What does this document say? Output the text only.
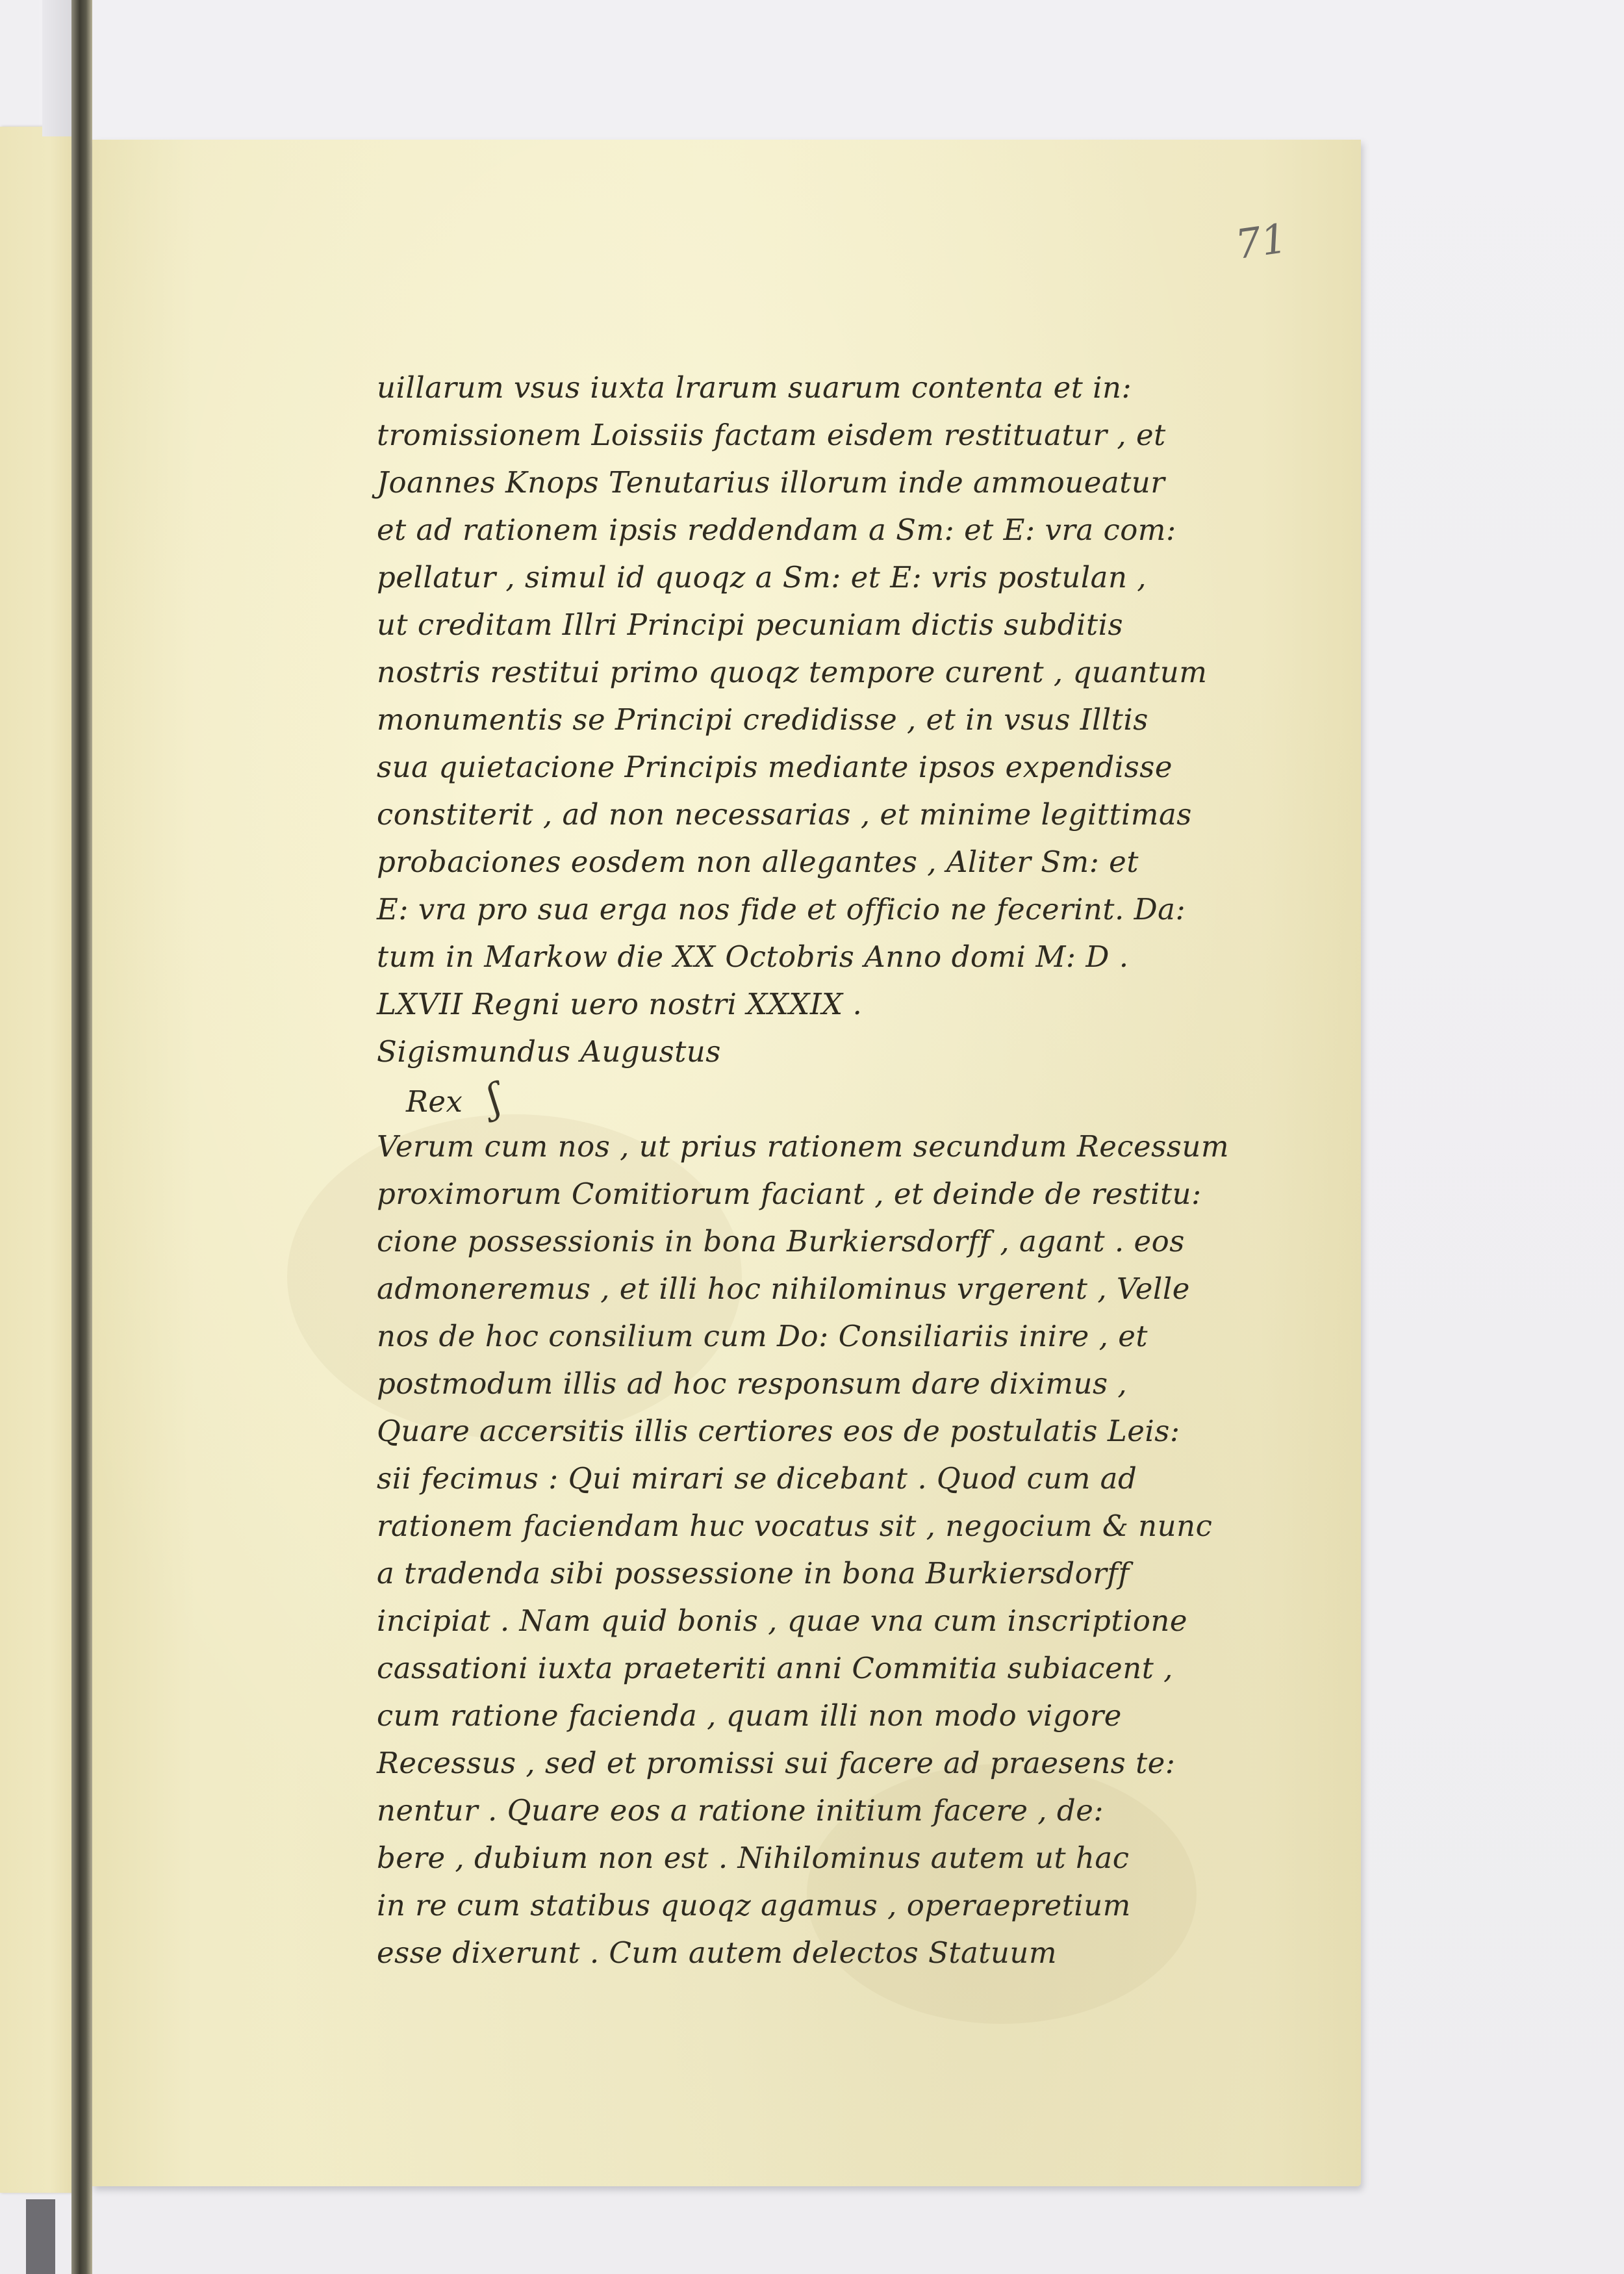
71
uillarum vsus iuxta lrarum suarum contenta et in:
tromissionem Loissiis factam eisdem restituatur , et
Joannes Knops Tenutarius illorum inde ammoueatur
et ad rationem ipsis reddendam a Sm: et E: vra com:
pellatur , simul id quoqz a Sm: et E: vris postulan ,
ut creditam Illri Principi pecuniam dictis subditis
nostris restitui primo quoqz tempore curent , quantum
monumentis se Principi credidisse , et in vsus Illtis
sua quietacione Principis mediante ipsos expendisse
constiterit , ad non necessarias , et minime legittimas
probaciones eosdem non allegantes , Aliter Sm: et
E: vra pro sua erga nos fide et officio ne fecerint. Da:
tum in Markow die XX Octobris Anno domi M: D .
LXVII Regni uero nostri XXXIX .
Sigismundus Augustus
Rex ʃ
Verum cum nos , ut prius rationem secundum Recessum
proximorum Comitiorum faciant , et deinde de restitu:
cione possessionis in bona Burkiersdorff , agant . eos
admoneremus , et illi hoc nihilominus vrgerent , Velle
nos de hoc consilium cum Do: Consiliariis inire , et
postmodum illis ad hoc responsum dare diximus ,
Quare accersitis illis certiores eos de postulatis Leis:
sii fecimus : Qui mirari se dicebant . Quod cum ad
rationem faciendam huc vocatus sit , negocium & nunc
a tradenda sibi possessione in bona Burkiersdorff
incipiat . Nam quid bonis , quae vna cum inscriptione
cassationi iuxta praeteriti anni Commitia subiacent ,
cum ratione facienda , quam illi non modo vigore
Recessus , sed et promissi sui facere ad praesens te:
nentur . Quare eos a ratione initium facere , de:
bere , dubium non est . Nihilominus autem ut hac
in re cum statibus quoqz agamus , operaepretium
esse dixerunt . Cum autem delectos Statuum
